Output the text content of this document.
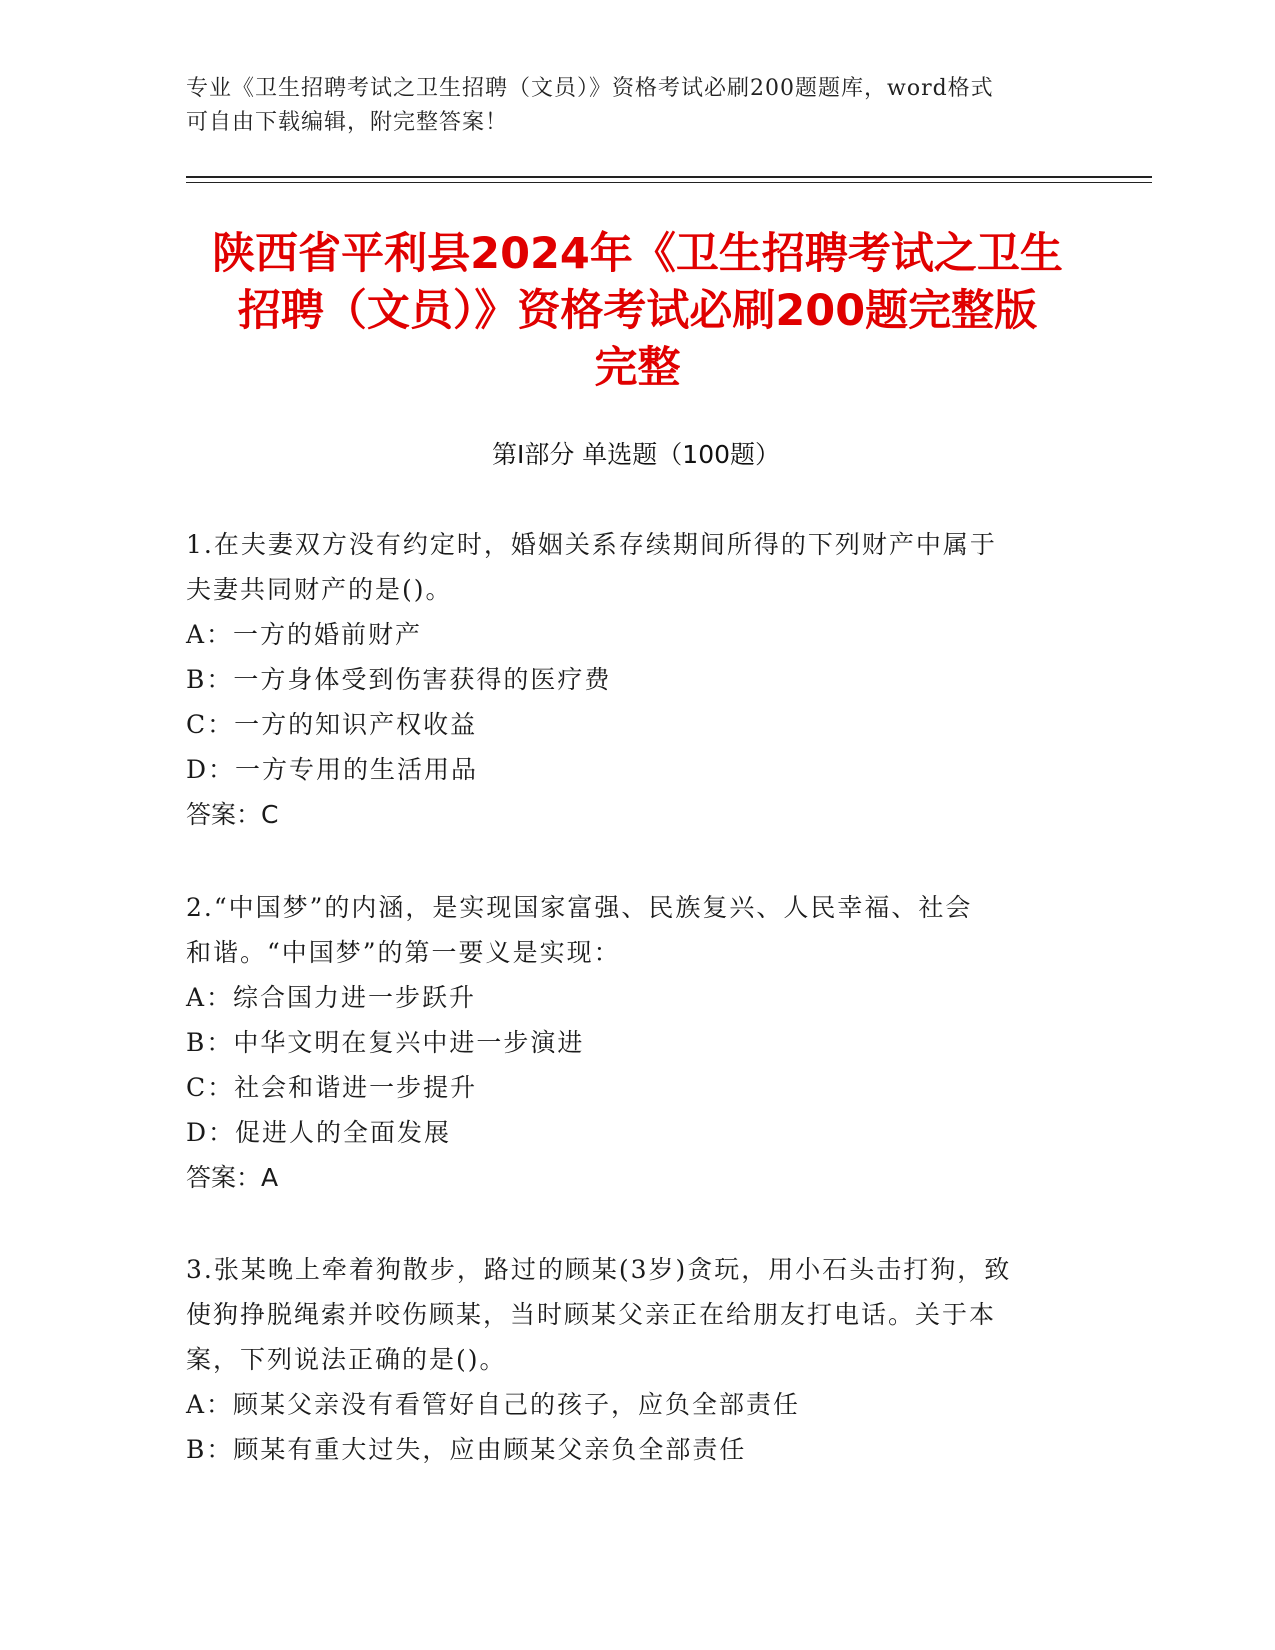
专业《卫生招聘考试之卫生招聘（文员）》资格考试必刷200题题库，word格式
可自由下载编辑，附完整答案！
陕西省平利县2024年《卫生招聘考试之卫生
招聘（文员）》资格考试必刷200题完整版
完整
第Ⅰ部分 单选题（100题）
1.在夫妻双方没有约定时，婚姻关系存续期间所得的下列财产中属于
夫妻共同财产的是()。
A：一方的婚前财产
B：一方身体受到伤害获得的医疗费
C：一方的知识产权收益
D：一方专用的生活用品
答案：C
2.“中国梦”的内涵，是实现国家富强、民族复兴、人民幸福、社会
和谐。“中国梦”的第一要义是实现：
A：综合国力进一步跃升
B：中华文明在复兴中进一步演进
C：社会和谐进一步提升
D：促进人的全面发展
答案：A
3.张某晚上牵着狗散步，路过的顾某(3岁)贪玩，用小石头击打狗，致
使狗挣脱绳索并咬伤顾某，当时顾某父亲正在给朋友打电话。关于本
案，下列说法正确的是()。
A：顾某父亲没有看管好自己的孩子，应负全部责任
B：顾某有重大过失，应由顾某父亲负全部责任
